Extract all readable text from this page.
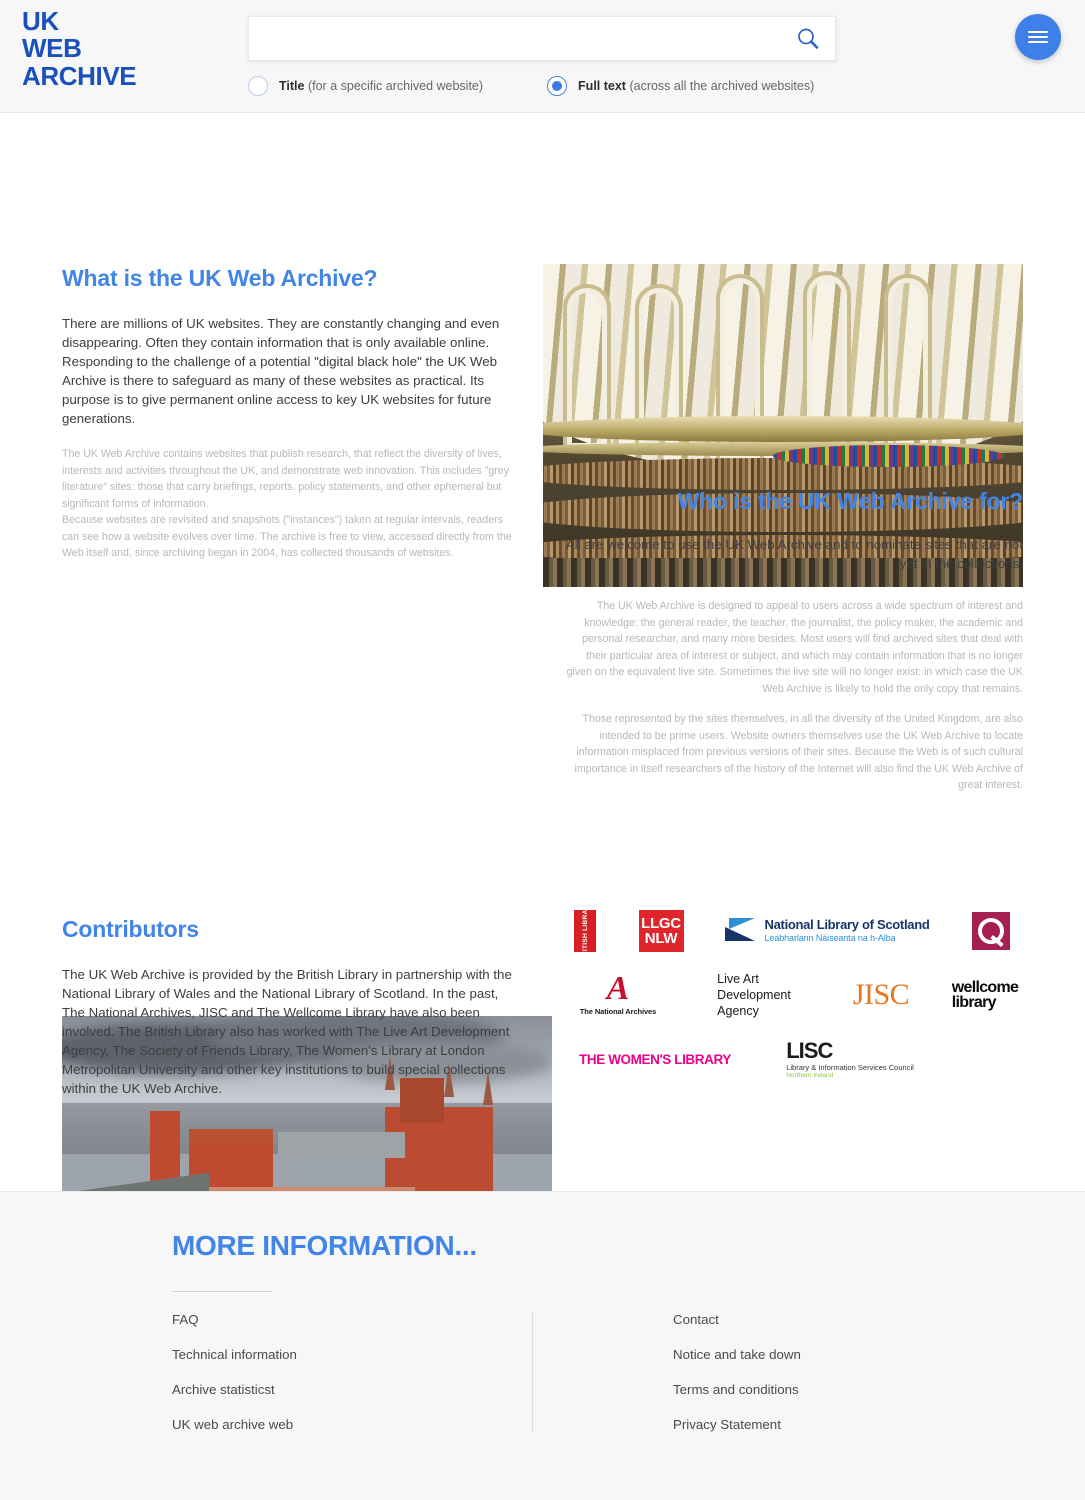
UK
WEB
ARCHIVE	Title (for a specific archived website)	Full text (across all the archived websites)
What is the UK Web Archive?
There are millions of UK websites. They are constantly changing and even disappearing. Often they contain information that is only available online. Responding to the challenge of a potential "digital black hole" the UK Web Archive is there to safeguard as many of these websites as practical. Its purpose is to give permanent online access to key UK websites for future generations.

The UK Web Archive contains websites that publish research, that reflect the diversity of lives, interests and activities throughout the UK, and demonstrate web innovation. This includes "grey literature" sites: those that carry briefings, reports, policy statements, and other ephemeral but significant forms of information.

Because websites are revisited and snapshots ("instances") taken at regular intervals, readers can see how a website evolves over time. The archive is free to view, accessed directly from the Web itself and, since archiving began in 2004, has collected thousands of websites.

Who is the UK Web Archive for?
All are welcome to use the UK Web Archive and to nominate sites that are not yet in the collections.

The UK Web Archive is designed to appeal to users across a wide spectrum of interest and knowledge: the general reader, the teacher, the journalist, the policy maker, the academic and personal researcher, and many more besides. Most users will find archived sites that deal with their particular area of interest or subject, and which may contain information that is no longer given on the equivalent live site. Sometimes the live site will no longer exist: in which case the UK Web Archive is likely to hold the only copy that remains.

Those represented by the sites themselves, in all the diversity of the United Kingdom, are also intended to be prime users. Website owners themselves use the UK Web Archive to locate information misplaced from previous versions of their sites. Because the Web is of such cultural importance in itself researchers of the history of the Internet will also find the UK Web Archive of great interest.

Contributors
The UK Web Archive is provided by the British Library in partnership with the National Library of Wales and the National Library of Scotland. In the past, The National Archives, JISC and The Wellcome Library have also been involved. The British Library also has worked with The Live Art Development Agency, The Society of Friends Library, The Women's Library at London Metropolitan University and other key institutions to build special collections within the UK Web Archive.
BRITISH LIBRARY	LLGC
NLW
National Library of Scotland
Leabharlann Nàiseanta na h-Alba
A
The National Archives
Live Art
Development
Agency	JISC	wellcome
library
THE WOMEN'S LIBRARY	LISC
Library & Information Services Council
Northern Ireland
MORE INFORMATION...
FAQ
Technical information
Archive statisticst
UK web archive web
Contact
Notice and take down
Terms and conditions
Privacy Statement
